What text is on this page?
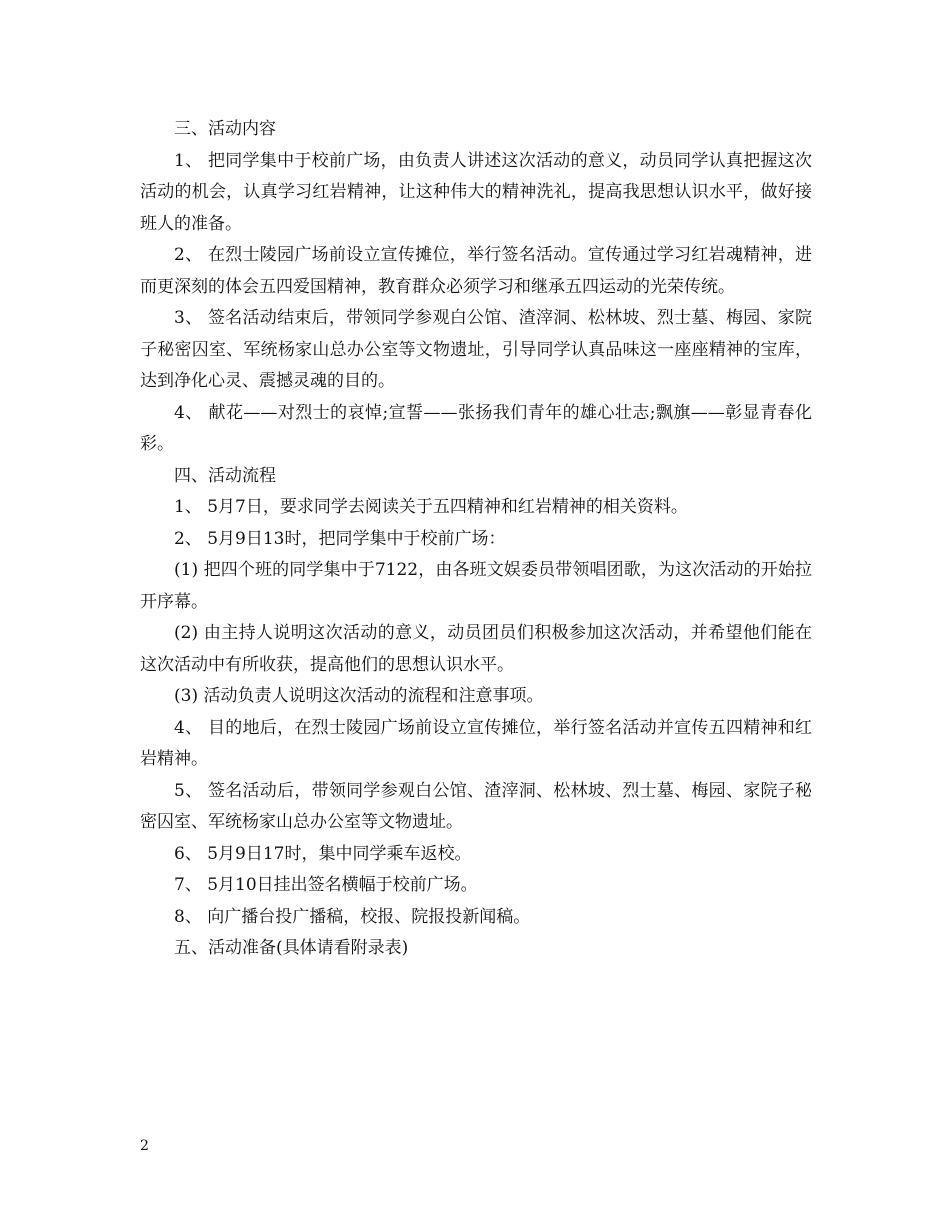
三、活动内容

1、 把同学集中于校前广场，由负责人讲述这次活动的意义，动员同学认真把握这次活动的机会，认真学习红岩精神，让这种伟大的精神洗礼，提高我思想认识水平，做好接班人的准备。

2、 在烈士陵园广场前设立宣传摊位，举行签名活动。宣传通过学习红岩魂精神，进而更深刻的体会五四爱国精神，教育群众必须学习和继承五四运动的光荣传统。

3、 签名活动结束后，带领同学参观白公馆、渣滓洞、松林坡、烈士墓、梅园、家院子秘密囚室、军统杨家山总办公室等文物遗址，引导同学认真品味这一座座精神的宝库，达到净化心灵、震撼灵魂的目的。

4、 献花——对烈士的哀悼;宣誓——张扬我们青年的雄心壮志;飘旗——彰显青春化彩。

四、活动流程

1、 5月7日，要求同学去阅读关于五四精神和红岩精神的相关资料。

2、 5月9日13时，把同学集中于校前广场：

(1) 把四个班的同学集中于7122，由各班文娱委员带领唱团歌，为这次活动的开始拉开序幕。

(2) 由主持人说明这次活动的意义，动员团员们积极参加这次活动，并希望他们能在这次活动中有所收获，提高他们的思想认识水平。

(3) 活动负责人说明这次活动的流程和注意事项。

4、 目的地后，在烈士陵园广场前设立宣传摊位，举行签名活动并宣传五四精神和红岩精神。

5、 签名活动后，带领同学参观白公馆、渣滓洞、松林坡、烈士墓、梅园、家院子秘密囚室、军统杨家山总办公室等文物遗址。

6、 5月9日17时，集中同学乘车返校。

7、 5月10日挂出签名横幅于校前广场。

8、 向广播台投广播稿，校报、院报投新闻稿。

五、活动准备(具体请看附录表)

2
